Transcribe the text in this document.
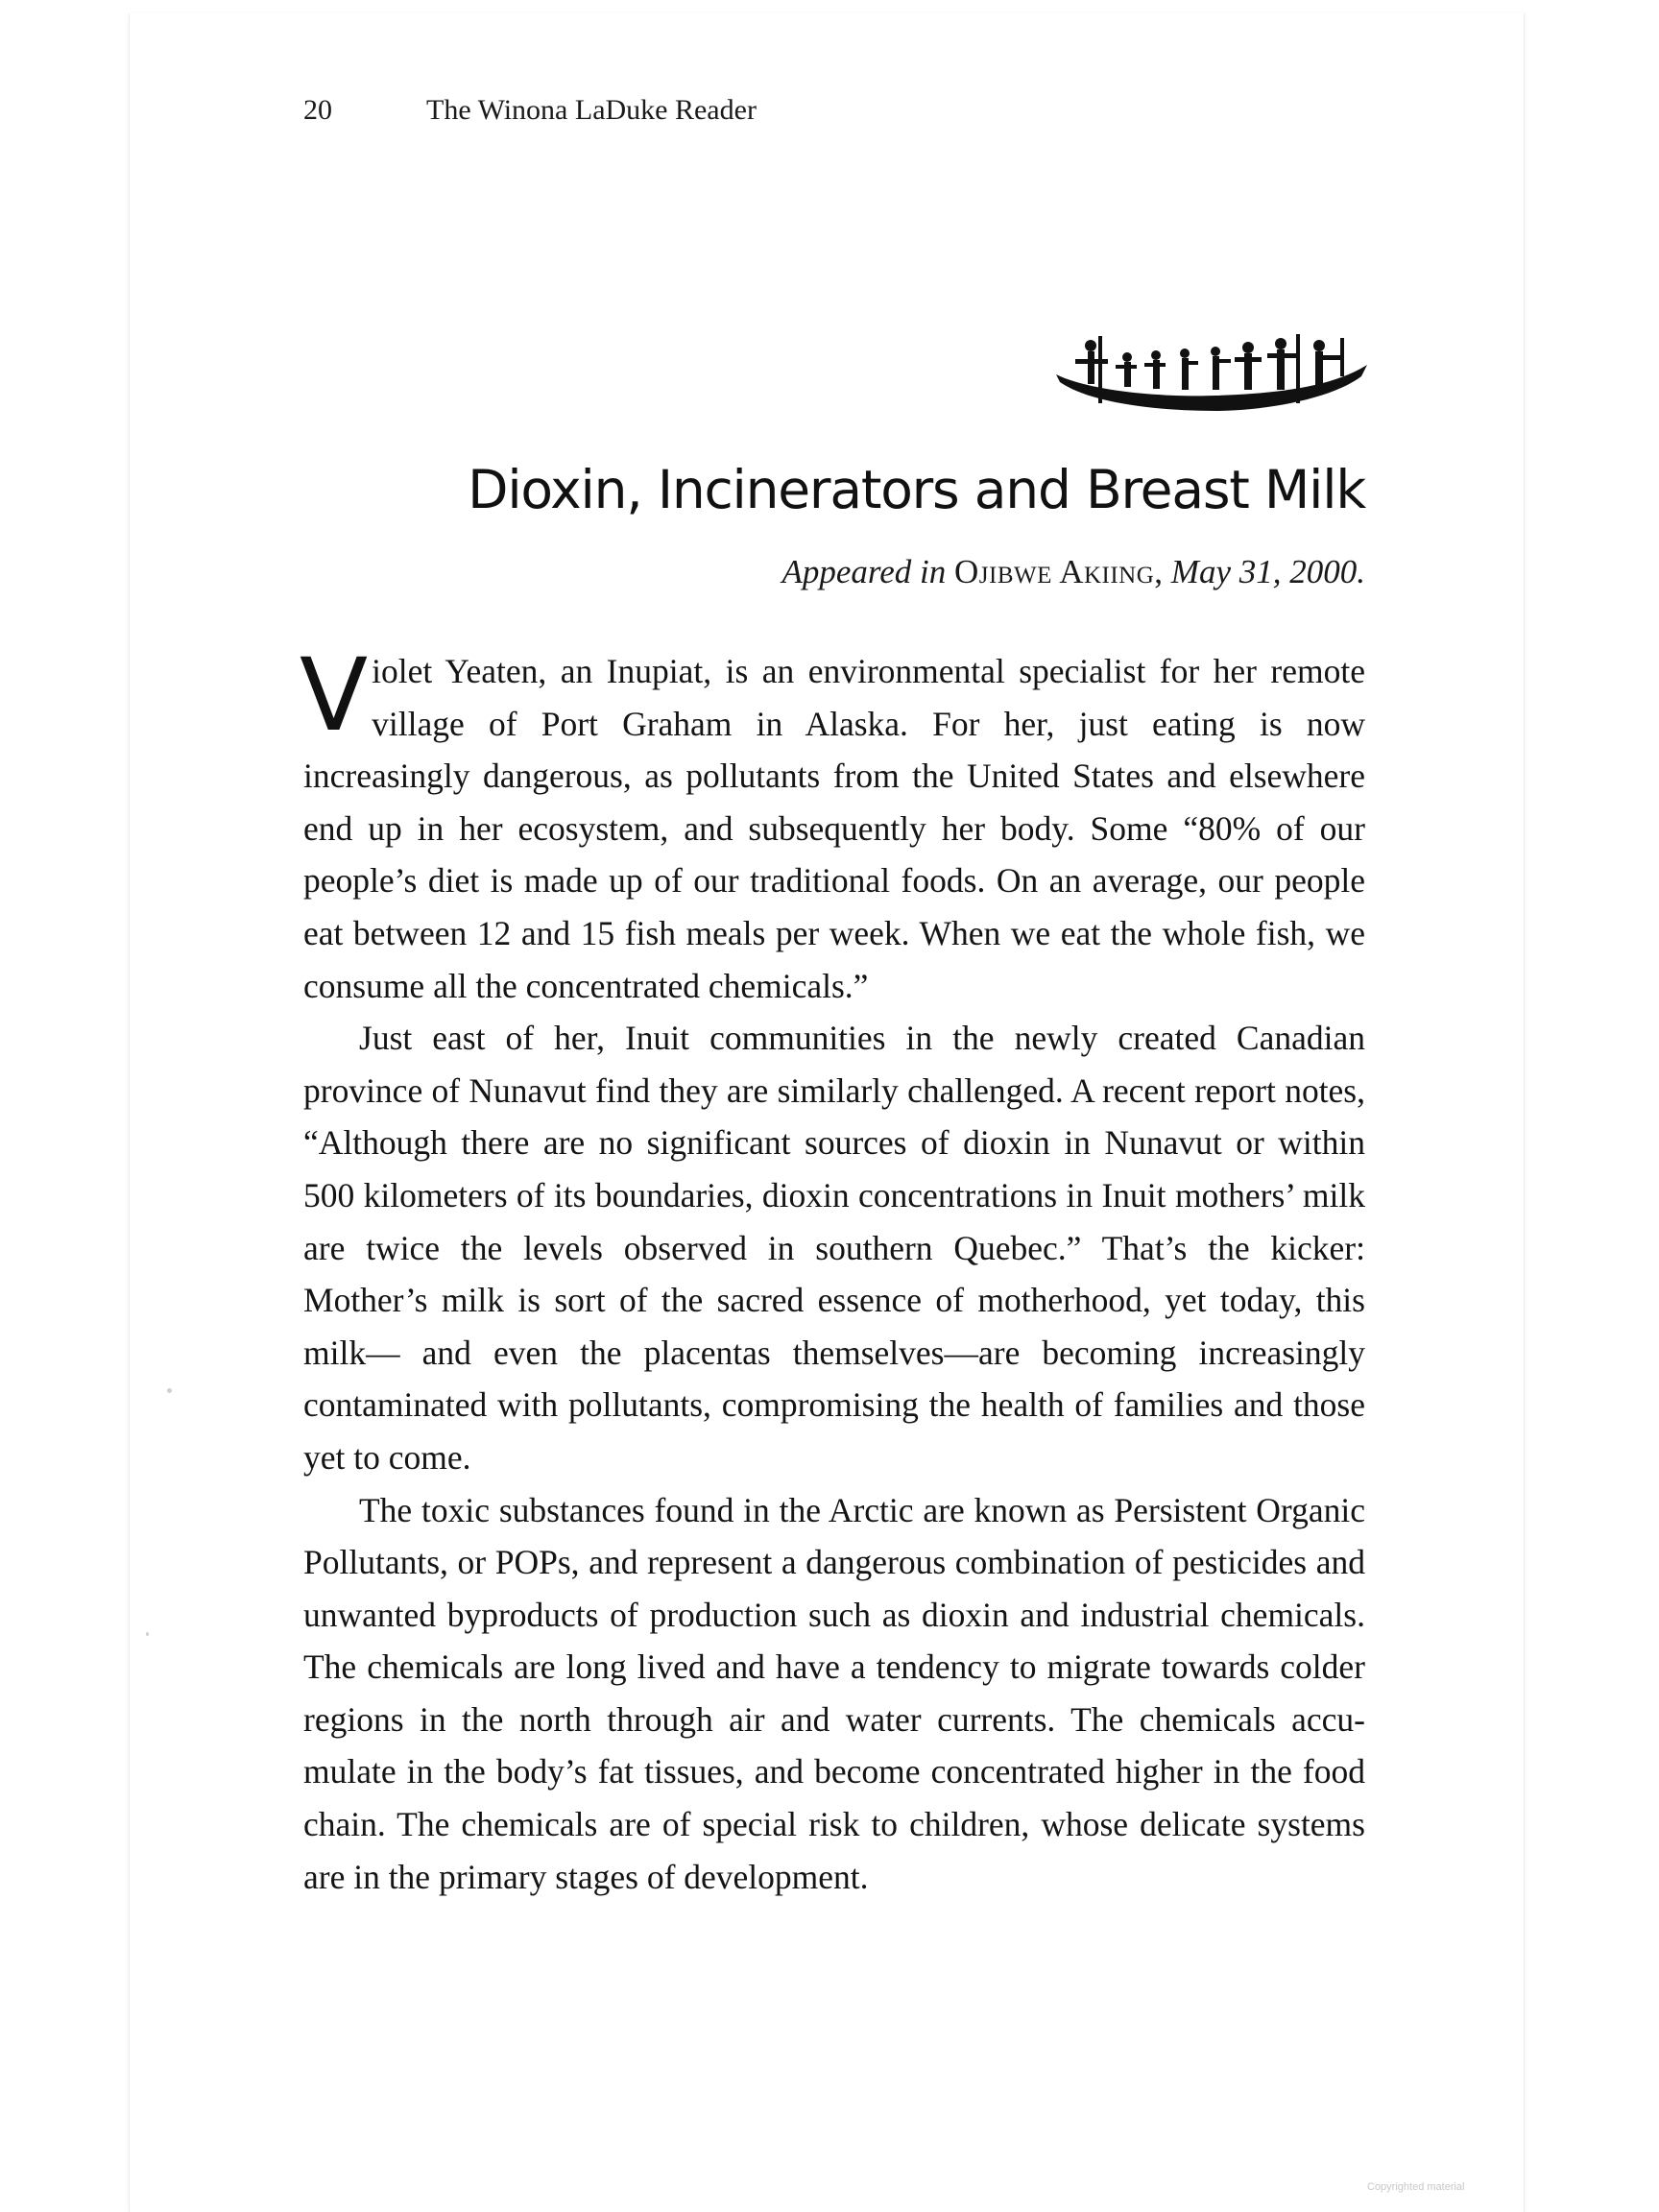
20	The Winona LaDuke Reader
Dioxin, Incinerators and Breast Milk
Appeared in Ojibwe Akiing, May 31, 2000.

Violet Yeaten, an Inupiat, is an environmental specialist for her remote village of Port Graham in Alaska. For her, just eating is now increasingly dangerous, as pollutants from the United States and elsewhere end up in her ecosystem, and subsequently her body. Some “80% of our people’s diet is made up of our traditional foods. On an average, our people eat between 12 and 15 fish meals per week. When we eat the whole fish, we consume all the concentrated chemicals.”

Just east of her, Inuit communities in the newly created Canadian province of Nunavut find they are similarly challenged. A recent report notes, “Although there are no significant sources of dioxin in Nunavut or within 500 kilometers of its boundaries, dioxin concentrations in Inuit mothers’ milk are twice the levels observed in southern Quebec.” That’s the kicker: Mother’s milk is sort of the sacred essence of motherhood, yet today, this milk— and even the placentas themselves—are becoming increasingly contaminated with pollutants, compromising the health of families and those yet to come.

The toxic substances found in the Arctic are known as Persistent Organic Pollutants, or POPs, and represent a dangerous combination of pesticides and unwanted byproducts of production such as dioxin and industrial chemicals. The chemicals are long lived and have a tendency to migrate towards colder regions in the north through air and water currents. The chemicals accumulate in the body’s fat tissues, and become concentrated higher in the food chain. The chemicals are of special risk to children, whose delicate systems are in the primary stages of development.

Copyrighted material
